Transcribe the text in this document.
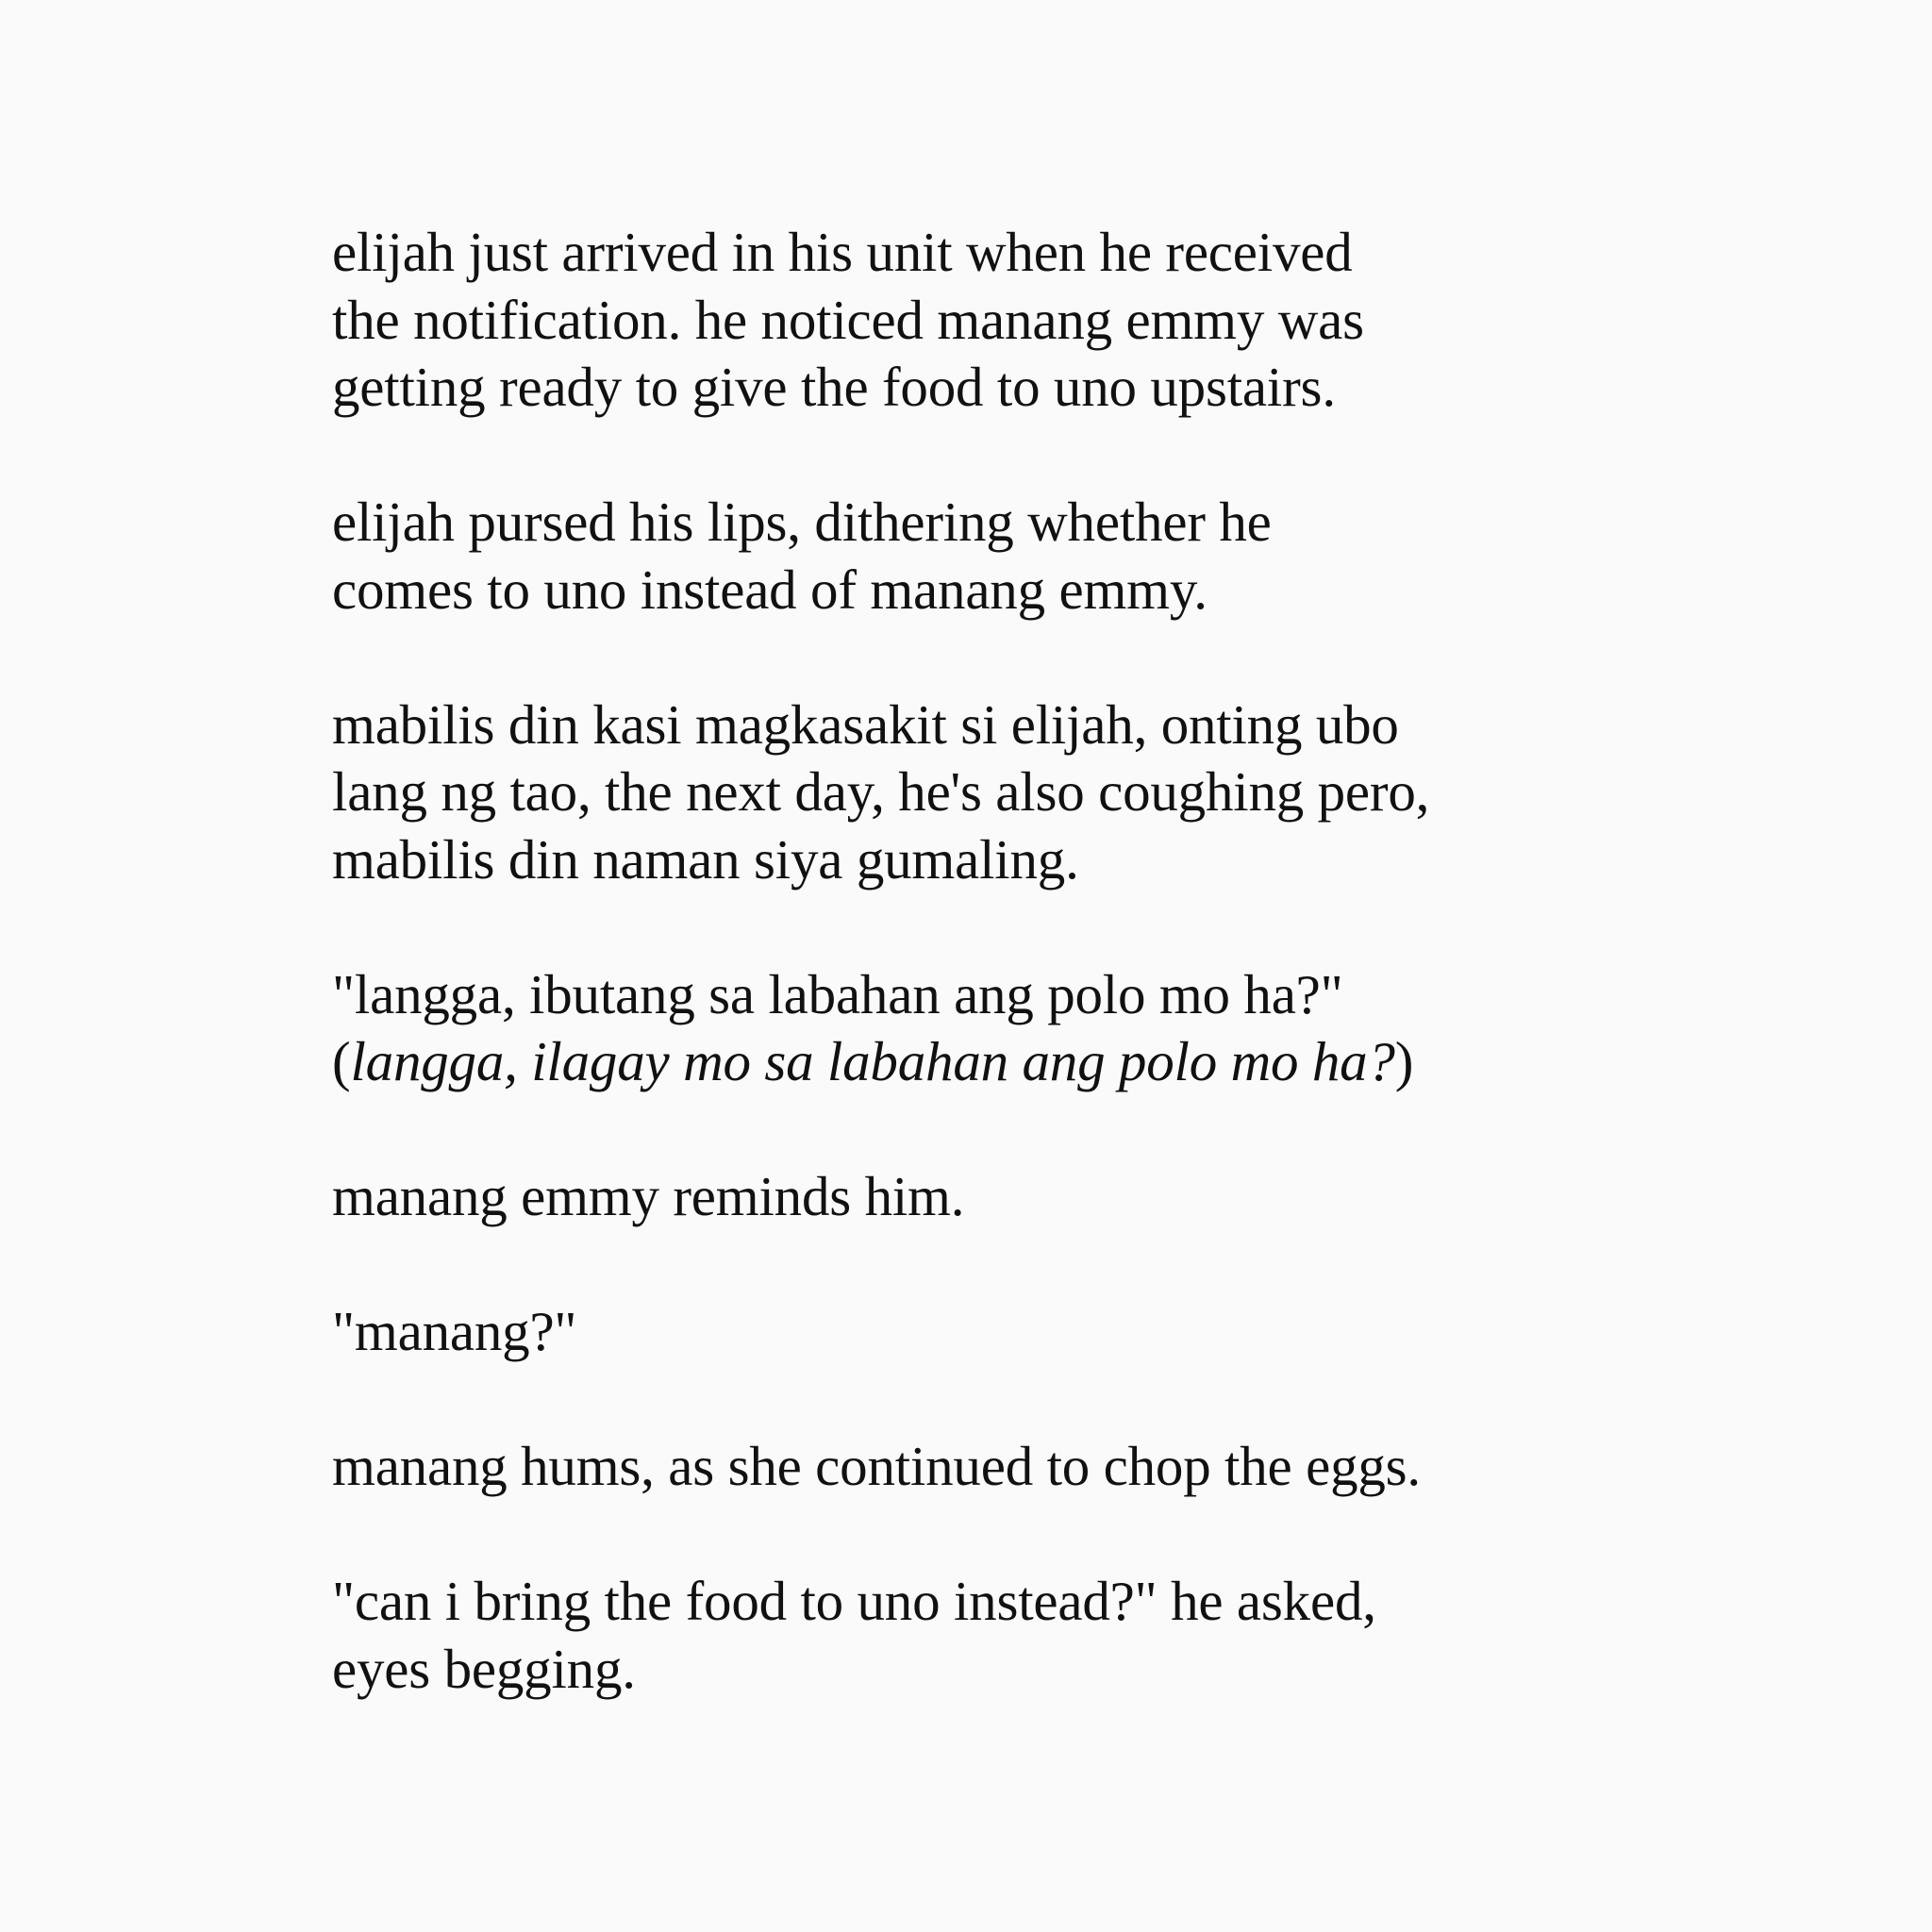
elijah just arrived in his unit when he received
the notification. he noticed manang emmy was
getting ready to give the food to uno upstairs.

elijah pursed his lips, dithering whether he
comes to uno instead of manang emmy.

mabilis din kasi magkasakit si elijah, onting ubo
lang ng tao, the next day, he's also coughing pero,
mabilis din naman siya gumaling.

"langga, ibutang sa labahan ang polo mo ha?"
(langga, ilagay mo sa labahan ang polo mo ha?)

manang emmy reminds him.

"manang?"

manang hums, as she continued to chop the eggs.

"can i bring the food to uno instead?" he asked,
eyes begging.
